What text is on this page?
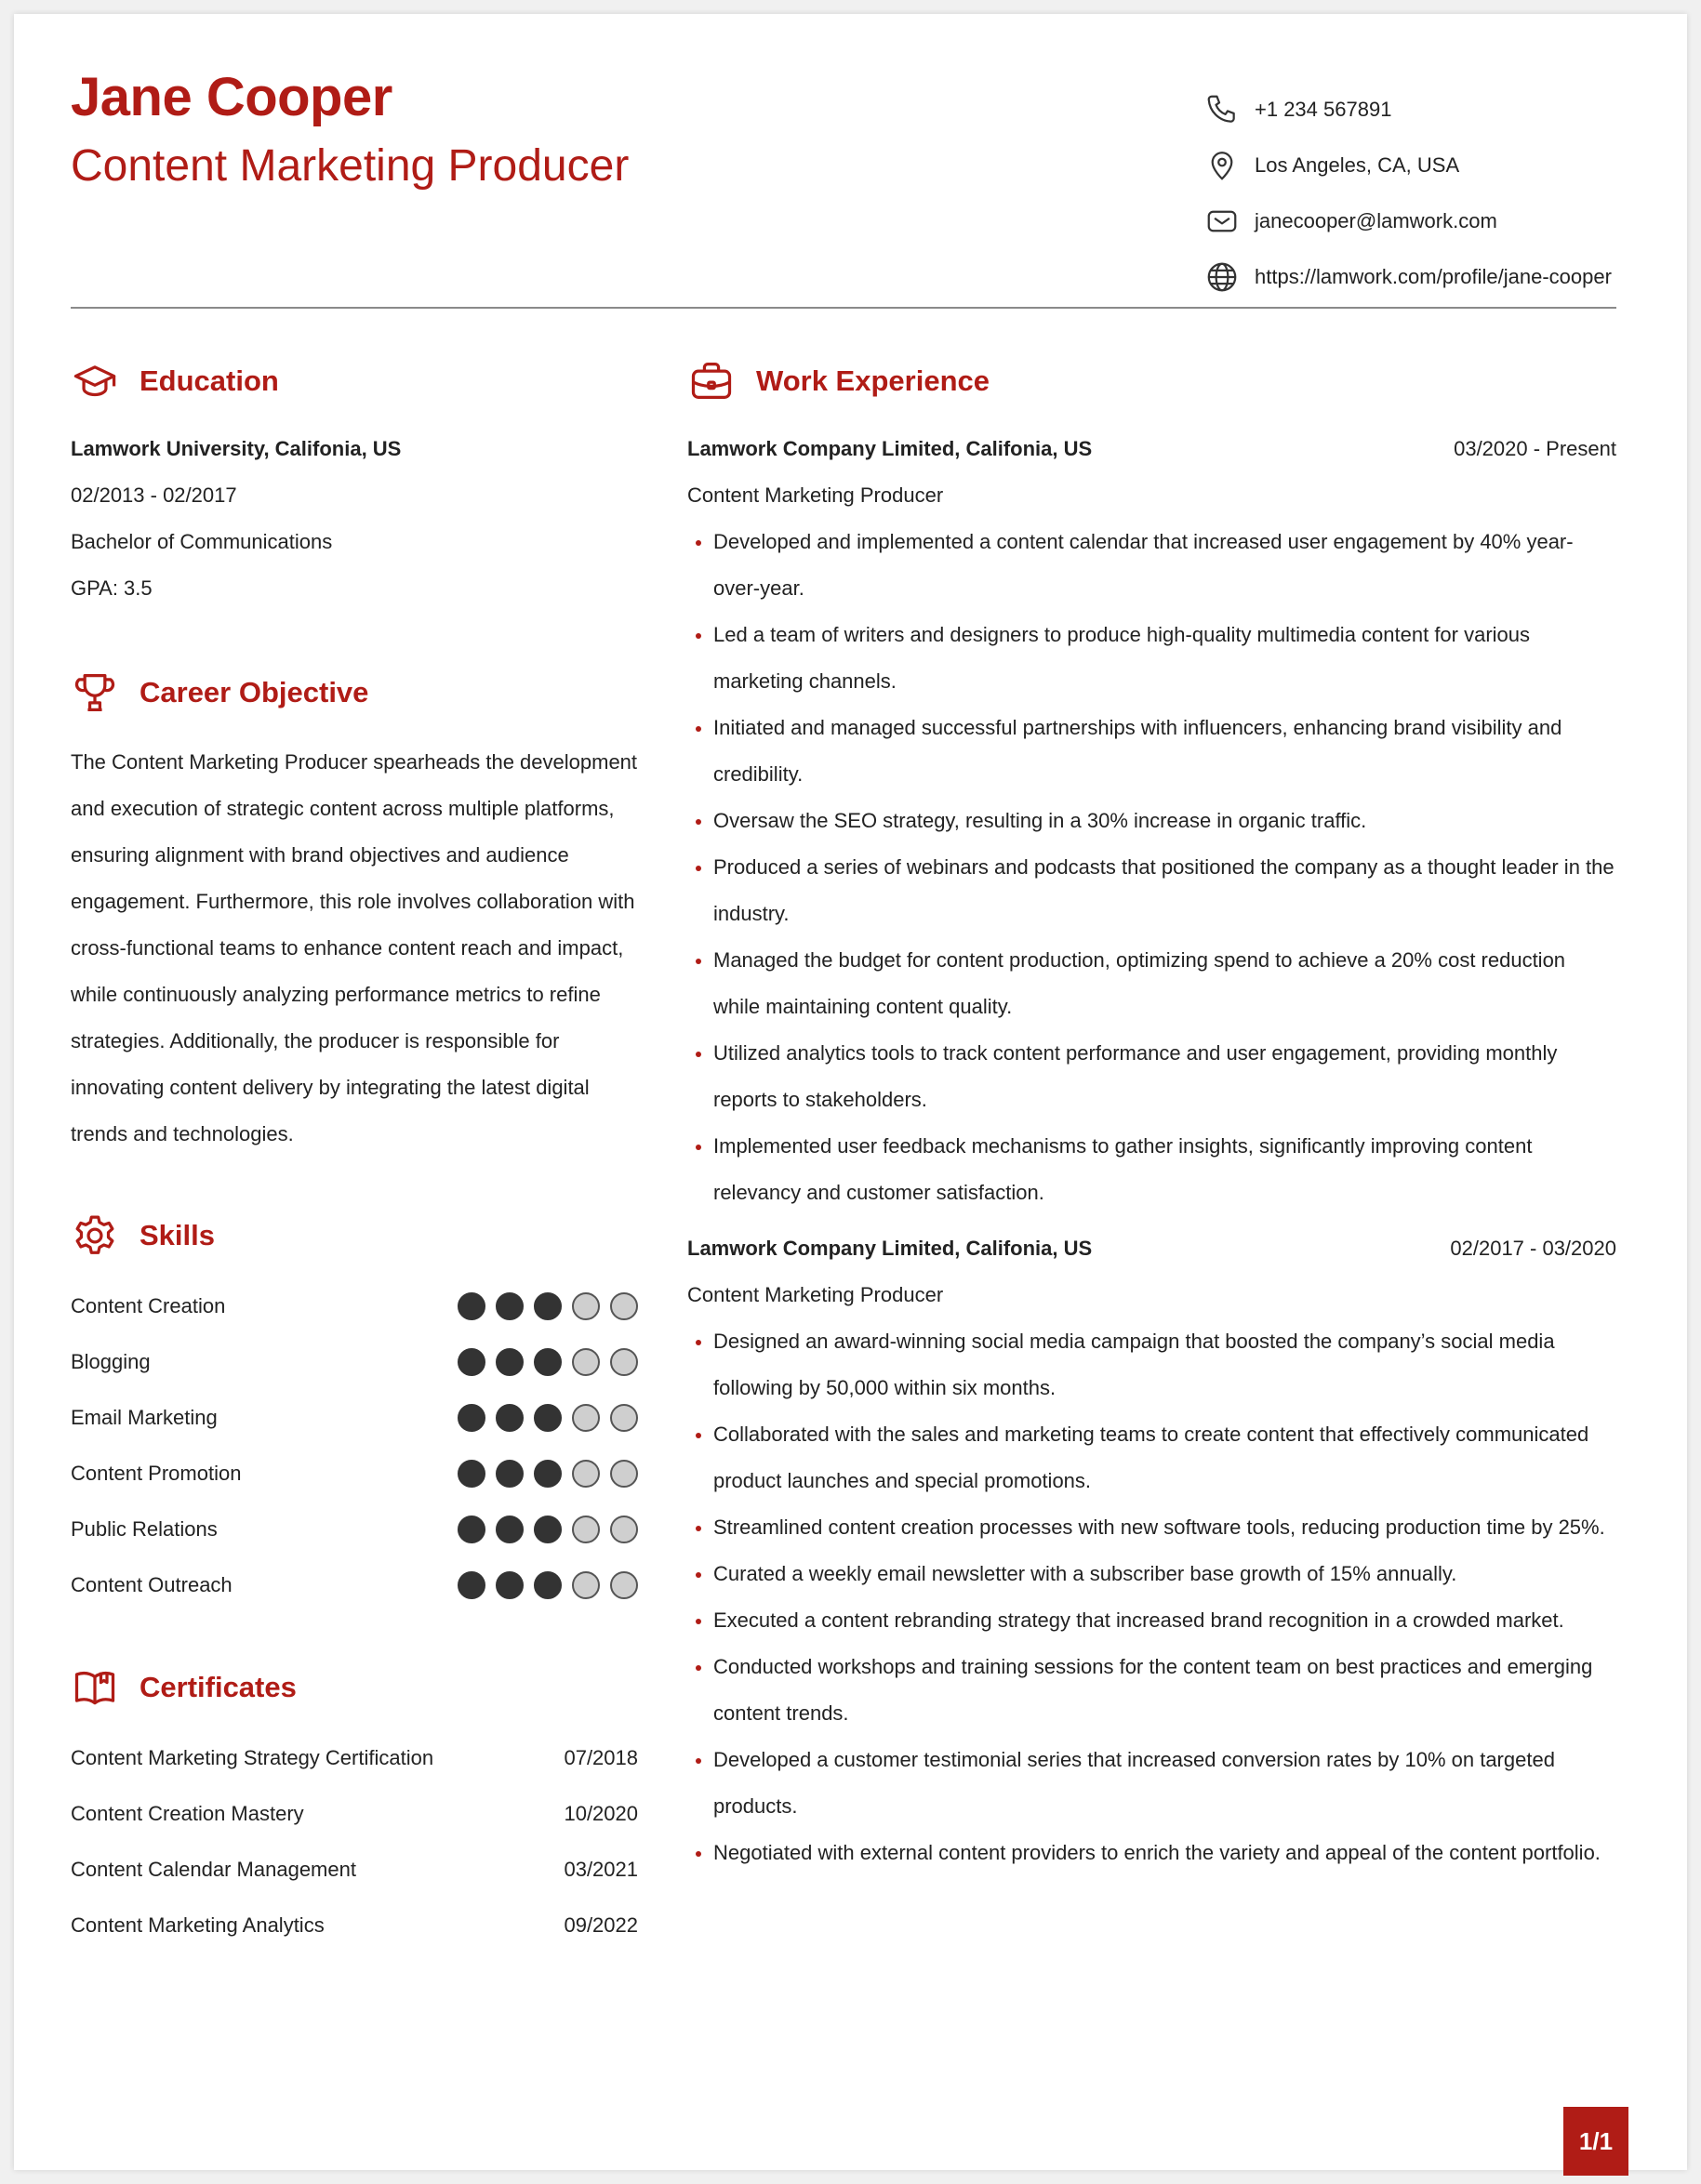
Jane Cooper
Content Marketing Producer
+1 234 567891
Los Angeles, CA, USA
janecooper@lamwork.com
https://lamwork.com/profile/jane-cooper
Education
Lamwork University, Califonia, US
02/2013 - 02/2017
Bachelor of Communications
GPA: 3.5
Career Objective
The Content Marketing Producer spearheads the development and execution of strategic content across multiple platforms, ensuring alignment with brand objectives and audience engagement. Furthermore, this role involves collaboration with cross-functional teams to enhance content reach and impact, while continuously analyzing performance metrics to refine strategies. Additionally, the producer is responsible for innovating content delivery by integrating the latest digital trends and technologies.
Skills
Content Creation
Blogging
Email Marketing
Content Promotion
Public Relations
Content Outreach
Certificates
Content Marketing Strategy Certification	07/2018
Content Creation Mastery	10/2020
Content Calendar Management	03/2021
Content Marketing Analytics	09/2022
Work Experience
Lamwork Company Limited, Califonia, US	03/2020 - Present
Content Marketing Producer
Developed and implemented a content calendar that increased user engagement by 40% year-over-year.
Led a team of writers and designers to produce high-quality multimedia content for various marketing channels.
Initiated and managed successful partnerships with influencers, enhancing brand visibility and credibility.
Oversaw the SEO strategy, resulting in a 30% increase in organic traffic.
Produced a series of webinars and podcasts that positioned the company as a thought leader in the industry.
Managed the budget for content production, optimizing spend to achieve a 20% cost reduction while maintaining content quality.
Utilized analytics tools to track content performance and user engagement, providing monthly reports to stakeholders.
Implemented user feedback mechanisms to gather insights, significantly improving content relevancy and customer satisfaction.
Lamwork Company Limited, Califonia, US	02/2017 - 03/2020
Content Marketing Producer
Designed an award-winning social media campaign that boosted the company’s social media following by 50,000 within six months.
Collaborated with the sales and marketing teams to create content that effectively communicated product launches and special promotions.
Streamlined content creation processes with new software tools, reducing production time by 25%.
Curated a weekly email newsletter with a subscriber base growth of 15% annually.
Executed a content rebranding strategy that increased brand recognition in a crowded market.
Conducted workshops and training sessions for the content team on best practices and emerging content trends.
Developed a customer testimonial series that increased conversion rates by 10% on targeted products.
Negotiated with external content providers to enrich the variety and appeal of the content portfolio.
1/1
